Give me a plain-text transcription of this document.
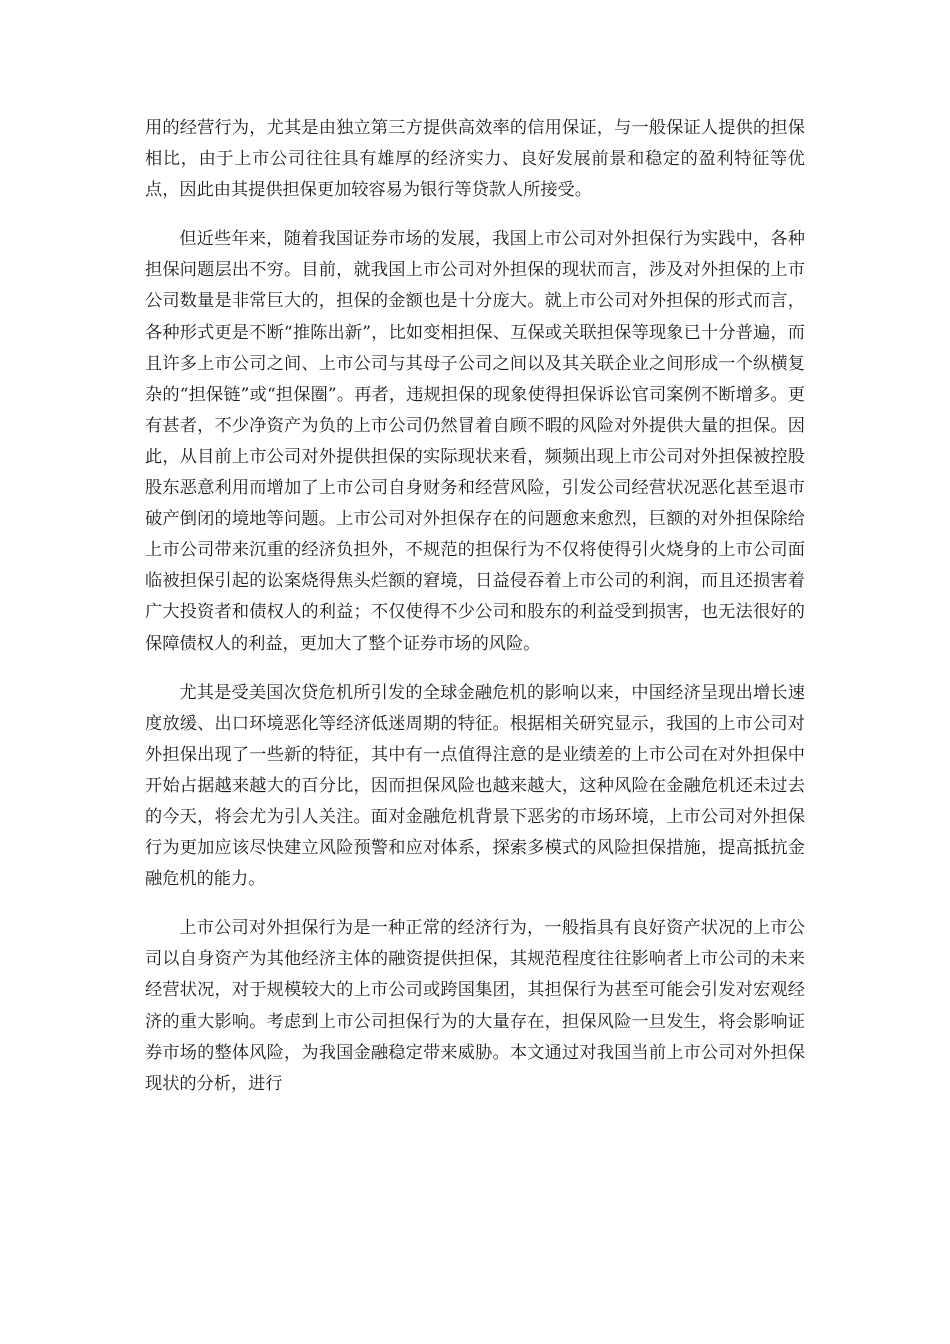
用的经营行为，尤其是由独立第三方提供高效率的信用保证，与一般保证人提供的担保相比，由于上市公司往往具有雄厚的经济实力、良好发展前景和稳定的盈利特征等优点，因此由其提供担保更加较容易为银行等贷款人所接受。

但近些年来，随着我国证券市场的发展，我国上市公司对外担保行为实践中，各种担保问题层出不穷。目前，就我国上市公司对外担保的现状而言，涉及对外担保的上市公司数量是非常巨大的，担保的金额也是十分庞大。就上市公司对外担保的形式而言，各种形式更是不断“推陈出新”，比如变相担保、互保或关联担保等现象已十分普遍，而且许多上市公司之间、上市公司与其母子公司之间以及其关联企业之间形成一个纵横复杂的“担保链”或“担保圈”。再者，违规担保的现象使得担保诉讼官司案例不断增多。更有甚者，不少净资产为负的上市公司仍然冒着自顾不暇的风险对外提供大量的担保。因此，从目前上市公司对外提供担保的实际现状来看，频频出现上市公司对外担保被控股股东恶意利用而增加了上市公司自身财务和经营风险，引发公司经营状况恶化甚至退市破产倒闭的境地等问题。上市公司对外担保存在的问题愈来愈烈，巨额的对外担保除给上市公司带来沉重的经济负担外，不规范的担保行为不仅将使得引火烧身的上市公司面临被担保引起的讼案烧得焦头烂额的窘境，日益侵吞着上市公司的利润，而且还损害着广大投资者和债权人的利益；不仅使得不少公司和股东的利益受到损害，也无法很好的保障债权人的利益，更加大了整个证券市场的风险。

尤其是受美国次贷危机所引发的全球金融危机的影响以来，中国经济呈现出增长速度放缓、出口环境恶化等经济低迷周期的特征。根据相关研究显示，我国的上市公司对外担保出现了一些新的特征，其中有一点值得注意的是业绩差的上市公司在对外担保中开始占据越来越大的百分比，因而担保风险也越来越大，这种风险在金融危机还未过去的今天，将会尤为引人关注。面对金融危机背景下恶劣的市场环境，上市公司对外担保行为更加应该尽快建立风险预警和应对体系，探索多模式的风险担保措施，提高抵抗金融危机的能力。

上市公司对外担保行为是一种正常的经济行为，一般指具有良好资产状况的上市公司以自身资产为其他经济主体的融资提供担保，其规范程度往往影响者上市公司的未来经营状况，对于规模较大的上市公司或跨国集团，其担保行为甚至可能会引发对宏观经济的重大影响。考虑到上市公司担保行为的大量存在，担保风险一旦发生，将会影响证券市场的整体风险，为我国金融稳定带来威胁。本文通过对我国当前上市公司对外担保现状的分析，进行
